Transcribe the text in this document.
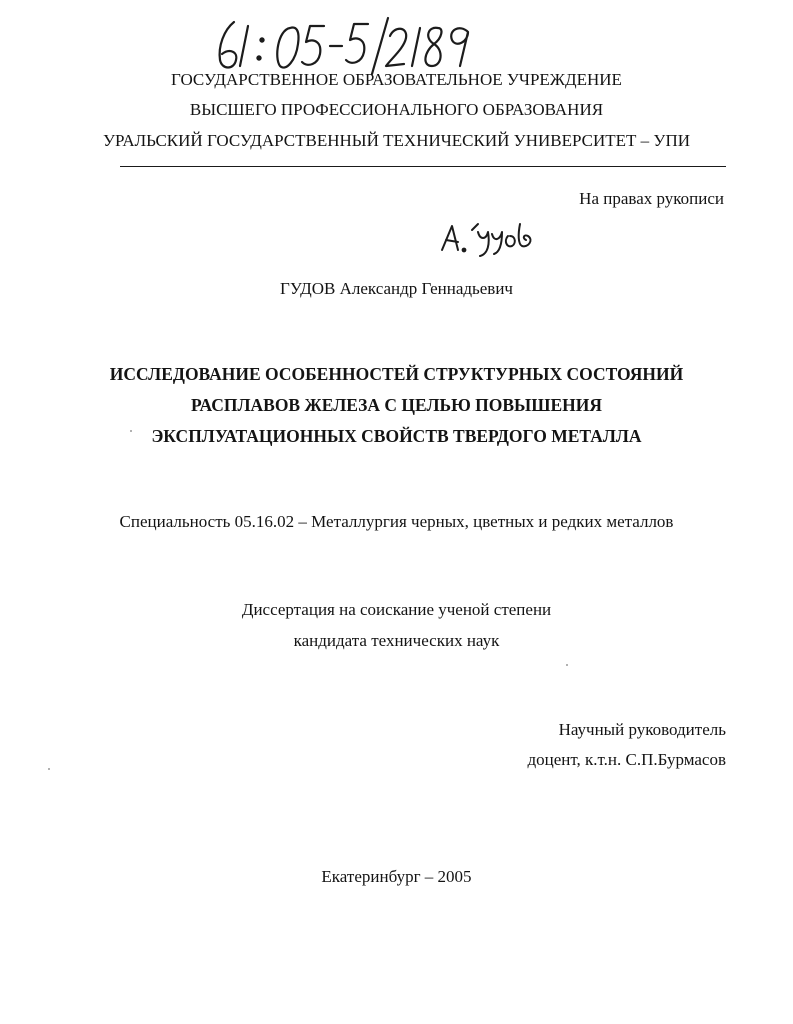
ГОСУДАРСТВЕННОЕ ОБРАЗОВАТЕЛЬНОЕ УЧРЕЖДЕНИЕ
ВЫСШЕГО ПРОФЕССИОНАЛЬНОГО ОБРАЗОВАНИЯ
УРАЛЬСКИЙ ГОСУДАРСТВЕННЫЙ ТЕХНИЧЕСКИЙ УНИВЕРСИТЕТ – УПИ
На правах рукописи
ГУДОВ Александр Геннадьевич
ИССЛЕДОВАНИЕ ОСОБЕННОСТЕЙ СТРУКТУРНЫХ СОСТОЯНИЙ
РАСПЛАВОВ ЖЕЛЕЗА С ЦЕЛЬЮ ПОВЫШЕНИЯ
ЭКСПЛУАТАЦИОННЫХ СВОЙСТВ ТВЕРДОГО МЕТАЛЛА
Специальность 05.16.02 – Металлургия черных, цветных и редких металлов
Диссертация на соискание ученой степени
кандидата технических наук
Научный руководитель
доцент, к.т.н. С.П.Бурмасов
Екатеринбург – 2005
